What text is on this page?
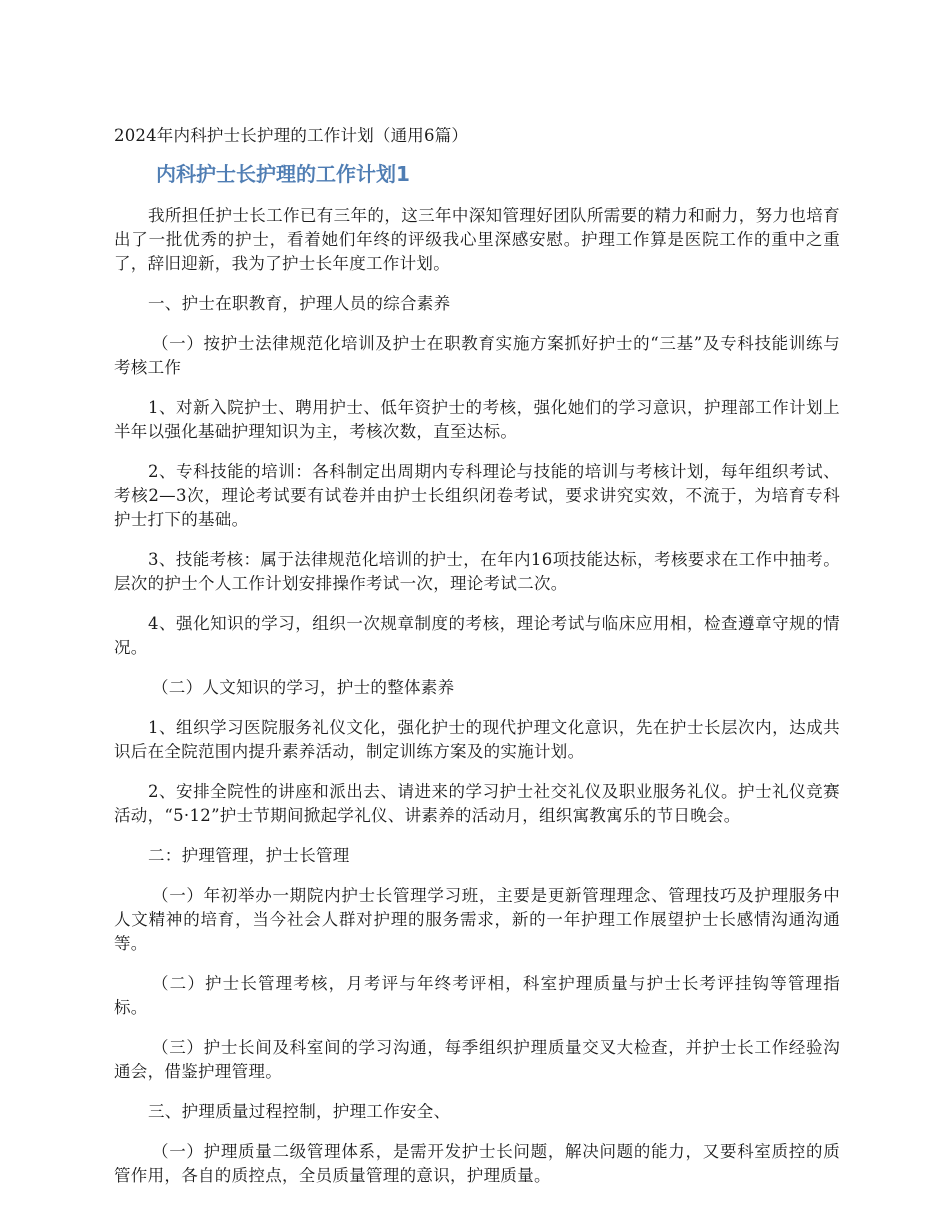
2024年内科护士长护理的工作计划（通用6篇）
内科护士长护理的工作计划1

我所担任护士长工作已有三年的，这三年中深知管理好团队所需要的精力和耐力，努力也培育出了一批优秀的护士，看着她们年终的评级我心里深感安慰。护理工作算是医院工作的重中之重了，辞旧迎新，我为了护士长年度工作计划。

一、护士在职教育，护理人员的综合素养

（一）按护士法律规范化培训及护士在职教育实施方案抓好护士的“三基”及专科技能训练与考核工作

1、对新入院护士、聘用护士、低年资护士的考核，强化她们的学习意识，护理部工作计划上半年以强化基础护理知识为主，考核次数，直至达标。

2、专科技能的培训：各科制定出周期内专科理论与技能的培训与考核计划，每年组织考试、考核2—3次，理论考试要有试卷并由护士长组织闭卷考试，要求讲究实效，不流于，为培育专科护士打下的基础。

3、技能考核：属于法律规范化培训的护士，在年内16项技能达标，考核要求在工作中抽考。层次的护士个人工作计划安排操作考试一次，理论考试二次。

4、强化知识的学习，组织一次规章制度的考核，理论考试与临床应用相，检查遵章守规的情况。

（二）人文知识的学习，护士的整体素养

1、组织学习医院服务礼仪文化，强化护士的现代护理文化意识，先在护士长层次内，达成共识后在全院范围内提升素养活动，制定训练方案及的实施计划。

2、安排全院性的讲座和派出去、请进来的学习护士社交礼仪及职业服务礼仪。护士礼仪竞赛活动，“5·12”护士节期间掀起学礼仪、讲素养的活动月，组织寓教寓乐的节日晚会。

二：护理管理，护士长管理

（一）年初举办一期院内护士长管理学习班，主要是更新管理理念、管理技巧及护理服务中人文精神的培育，当今社会人群对护理的服务需求，新的一年护理工作展望护士长感情沟通沟通等。

（二）护士长管理考核，月考评与年终考评相，科室护理质量与护士长考评挂钩等管理指标。

（三）护士长间及科室间的学习沟通，每季组织护理质量交叉大检查，并护士长工作经验沟通会，借鉴护理管理。

三、护理质量过程控制，护理工作安全、

（一）护理质量二级管理体系，是需开发护士长问题，解决问题的能力，又要科室质控的质管作用，各自的质控点，全员质量管理的意识，护理质量。
